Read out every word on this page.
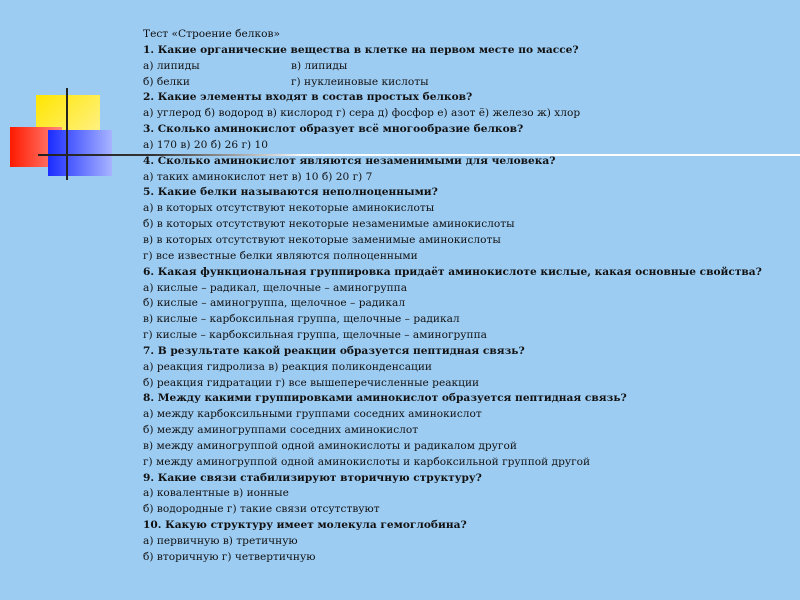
Тест «Строение белков»
1. Какие органические вещества в клетке на первом месте по массе?
а) липиды	в) липиды
б) белки	г) нуклеиновые кислоты
2. Какие элементы входят в состав простых белков?
а) углерод б) водород в) кислород г) сера д) фосфор е) азот ё) железо ж) хлор
3. Сколько аминокислот образует всё многообразие белков?
а) 170 в) 20 б) 26 г) 10
4. Сколько аминокислот являются незаменимыми для человека?
а) таких аминокислот нет в) 10 б) 20 г) 7
5. Какие белки называются неполноценными?
а) в которых отсутствуют некоторые аминокислоты
б) в которых отсутствуют некоторые незаменимые аминокислоты
в) в которых отсутствуют некоторые заменимые аминокислоты
г) все известные белки являются полноценными
6. Какая функциональная группировка придаёт аминокислоте кислые, какая основные свойства?
а) кислые – радикал, щелочные – аминогруппа
б) кислые – аминогруппа, щелочное – радикал
в) кислые – карбоксильная группа, щелочные – радикал
г) кислые – карбоксильная группа, щелочные – аминогруппа
7. В результате какой реакции образуется пептидная связь?
а) реакция гидролиза в) реакция поликонденсации
б) реакция гидратации г) все вышеперечисленные реакции
8. Между какими группировками аминокислот образуется пептидная связь?
а) между карбоксильными группами соседних аминокислот
б) между аминогруппами соседних аминокислот
в) между аминогруппой одной аминокислоты и радикалом другой
г) между аминогруппой одной аминокислоты и карбоксильной группой другой
9. Какие связи стабилизируют вторичную структуру?
а) ковалентные в) ионные
б) водородные г) такие связи отсутствуют
10. Какую структуру имеет молекула гемоглобина?
а) первичную в) третичную
б) вторичную г) четвертичную
